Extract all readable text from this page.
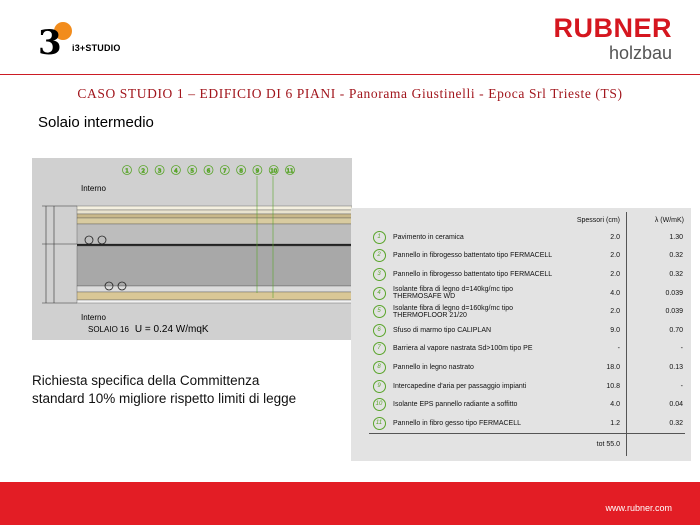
3 i3+STUDIO
RUBNER
holzbau
CASO STUDIO 1 – EDIFICIO DI 6 PIANI - Panorama Giustinelli - Epoca Srl Trieste (TS)
Solaio intermedio
1 2 3 4 5 6 7 8 9 10 11
Interno
Interno
SOLAIO 16 U = 0.24 W/mqK
Richiesta specifica della Committenza standard 10% migliore rispetto limiti di legge
		Spessori (cm)	λ (W/mK)
1	Pavimento in ceramica	2.0	1.30
2	Pannello in fibrogesso battentato tipo FERMACELL	2.0	0.32
3	Pannello in fibrogesso battentato tipo FERMACELL	2.0	0.32
4	Isolante fibra di legno d=140kg/mc tipo THERMOSAFE WD	4.0	0.039
5	Isolante fibra di legno d=160kg/mc tipo THERMOFLOOR 21/20	2.0	0.039
6	Sfuso di marmo tipo CALIPLAN	9.0	0.70
7	Barriera al vapore nastrata Sd>100m tipo PE	-	-
8	Pannello in legno nastrato	18.0	0.13
9	Intercapedine d'aria per passaggio impianti	10.8	-
10	Isolante EPS pannello radiante a soffitto	4.0	0.04
11	Pannello in fibro gesso tipo FERMACELL	1.2	0.32
		tot 55.0	
www.rubner.com
